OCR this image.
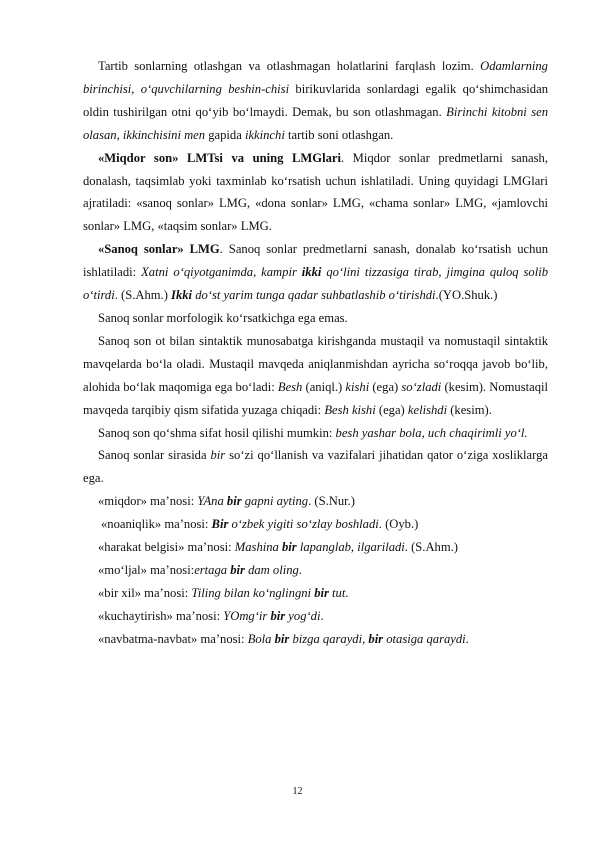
Tartib sonlarning otlashgan va otlashmagan holatlarini farqlash lozim. Odamlarning birinchisi, o‘quvchilarning beshin-chisi birikuvlarida sonlardagi egalik qo‘shimchasidan oldin tushirilgan otni qo‘yib bo‘lmaydi. Demak, bu son otlashmagan. Birinchi kitobni sen olasan, ikkinchisini men gapida ikkinchi tartib soni otlashgan.

«Miqdor son» LMTsi va uning LMGlari. Miqdor sonlar predmetlarni sanash, donalash, taqsimlab yoki taxminlab ko‘rsatish uchun ishlatiladi. Uning quyidagi LMGlari ajratiladi: «sanoq sonlar» LMG, «dona sonlar» LMG, «chama sonlar» LMG, «jamlovchi sonlar» LMG, «taqsim sonlar» LMG.

«Sanoq sonlar» LMG. Sanoq sonlar predmetlarni sanash, donalab ko‘rsatish uchun ishlatiladi: Xatni o‘qiyotganimda, kampir ikki qo‘lini tizzasiga tirab, jimgina quloq solib o‘tirdi. (S.Ahm.) Ikki do‘st yarim tunga qadar suhbatlashib o‘tirishdi.(YO.Shuk.)

Sanoq sonlar morfologik ko‘rsatkichga ega emas.

Sanoq son ot bilan sintaktik munosabatga kirishganda mustaqil va nomustaqil sintaktik mavqelarda bo‘la oladi. Mustaqil mavqeda aniqlanmishdan ayricha so‘roqqa javob bo‘lib, alohida bo‘lak maqomiga ega bo‘ladi: Besh (aniql.) kishi (ega) so‘zladi (kesim). Nomustaqil mavqeda tarqibiy qism sifatida yuzaga chiqadi: Besh kishi (ega) kelishdi (kesim).

Sanoq son qo‘shma sifat hosil qilishi mumkin: besh yashar bola, uch chaqirimli yo‘l.

Sanoq sonlar sirasida bir so‘zi qo‘llanish va vazifalari jihatidan qator o‘ziga xosliklarga ega.

«miqdor» ma’nosi: YAna bir gapni ayting. (S.Nur.)
«noaniqlik» ma’nosi: Bir o‘zbek yigiti so‘zlay boshladi. (Oyb.)
«harakat belgisi» ma’nosi: Mashina bir lapanglab, ilgariladi. (S.Ahm.)
«mo‘ljal» ma’nosi:ertaga bir dam oling.
«bir xil» ma’nosi: Tiling bilan ko‘nglingni bir tut.
«kuchaytirish» ma’nosi: YOmg‘ir bir yog‘di.
«navbatma-navbat» ma’nosi: Bola bir bizga qaraydi, bir otasiga qaraydi.
12
